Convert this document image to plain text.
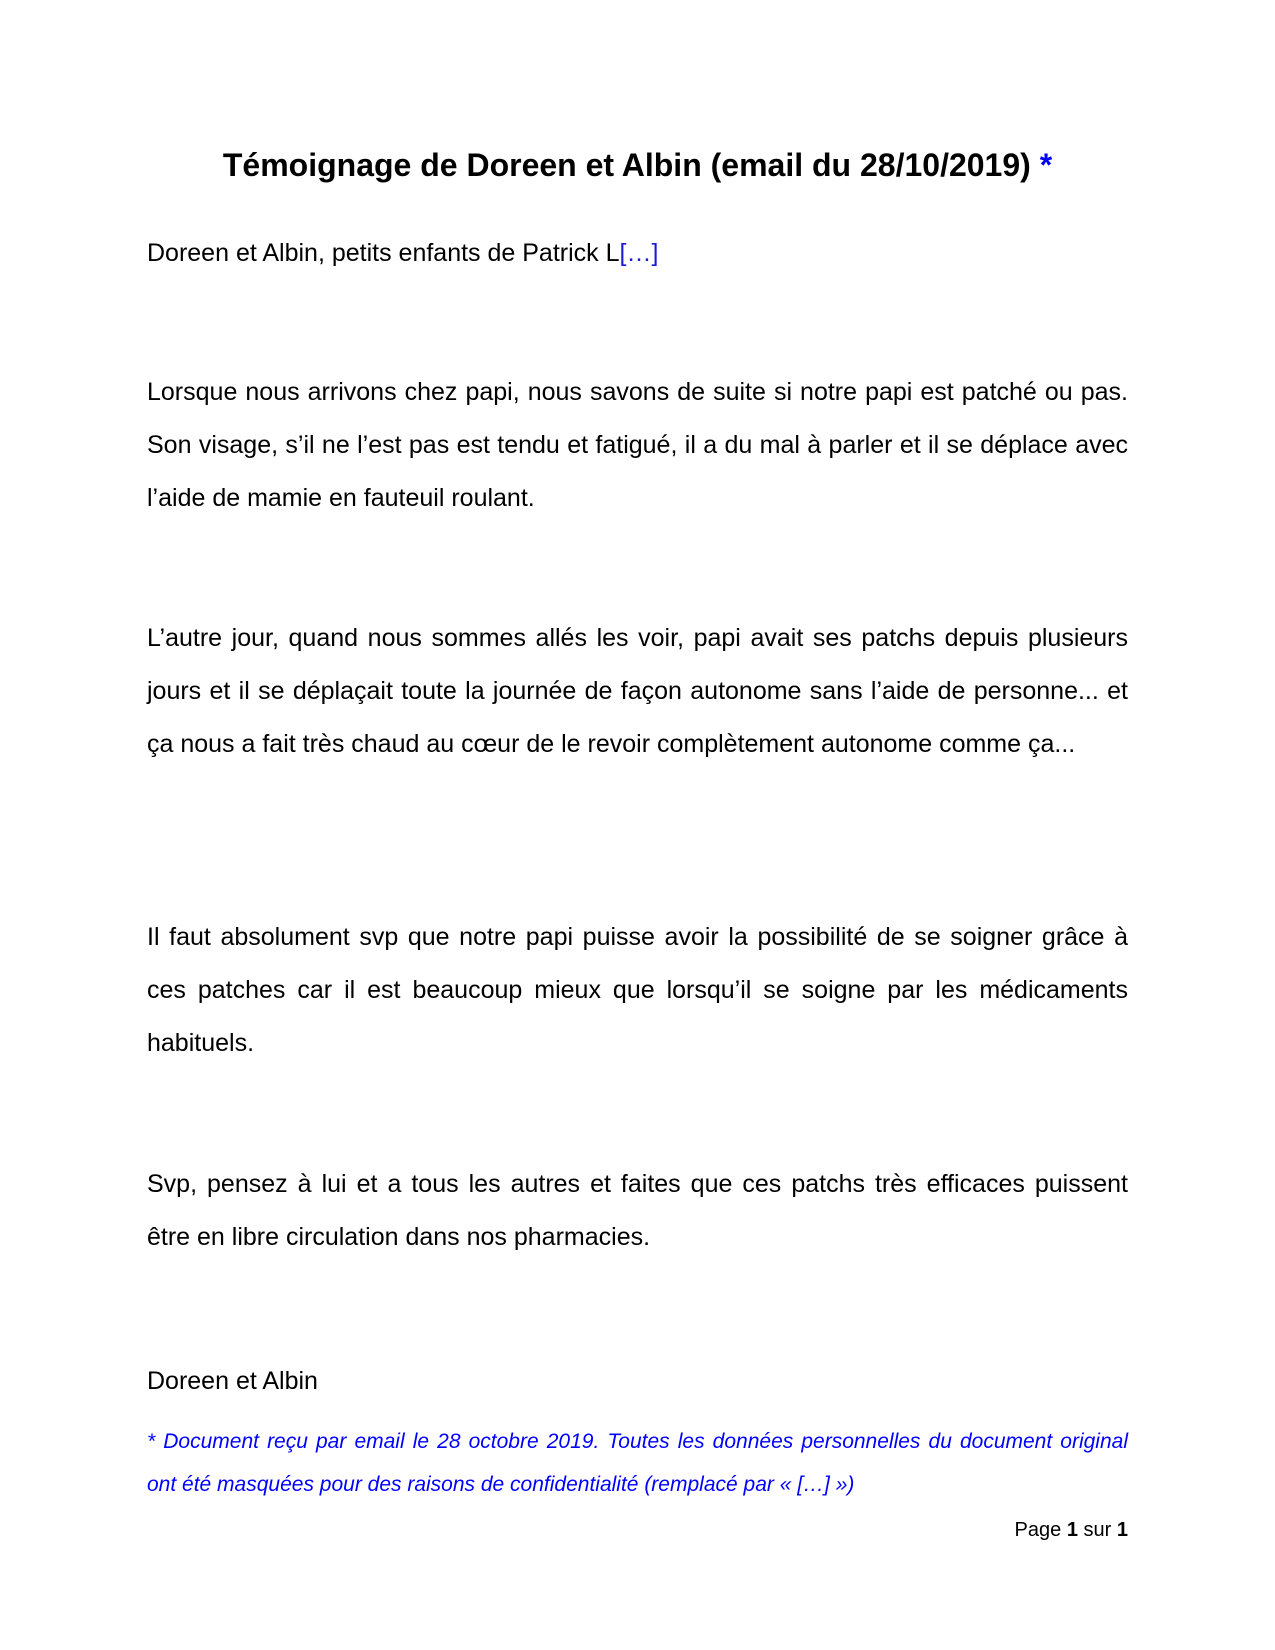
Témoignage de Doreen et Albin (email du 28/10/2019) *
Doreen et Albin, petits enfants de Patrick L[…]
Lorsque nous arrivons chez papi, nous savons de suite si notre papi est patché ou pas. Son visage, s’il ne l’est pas est tendu et fatigué, il a du mal à parler et il se déplace avec l’aide de mamie en fauteuil roulant.
L’autre jour, quand nous sommes allés les voir, papi avait ses patchs depuis plusieurs jours et il se déplaçait toute la journée de façon autonome sans l’aide de personne... et ça nous a fait très chaud au cœur de le revoir complètement autonome comme ça...
Il faut absolument svp que notre papi puisse avoir la possibilité de se soigner grâce à ces patches car il est beaucoup mieux que lorsqu’il se soigne par les médicaments habituels.
Svp, pensez à lui et a tous les autres et faites que ces patchs très efficaces puissent être en libre circulation dans nos pharmacies.
Doreen et Albin
* Document reçu par email le 28 octobre 2019. Toutes les données personnelles du document original ont été masquées pour des raisons de confidentialité (remplacé par « […] »)
Page 1 sur 1
